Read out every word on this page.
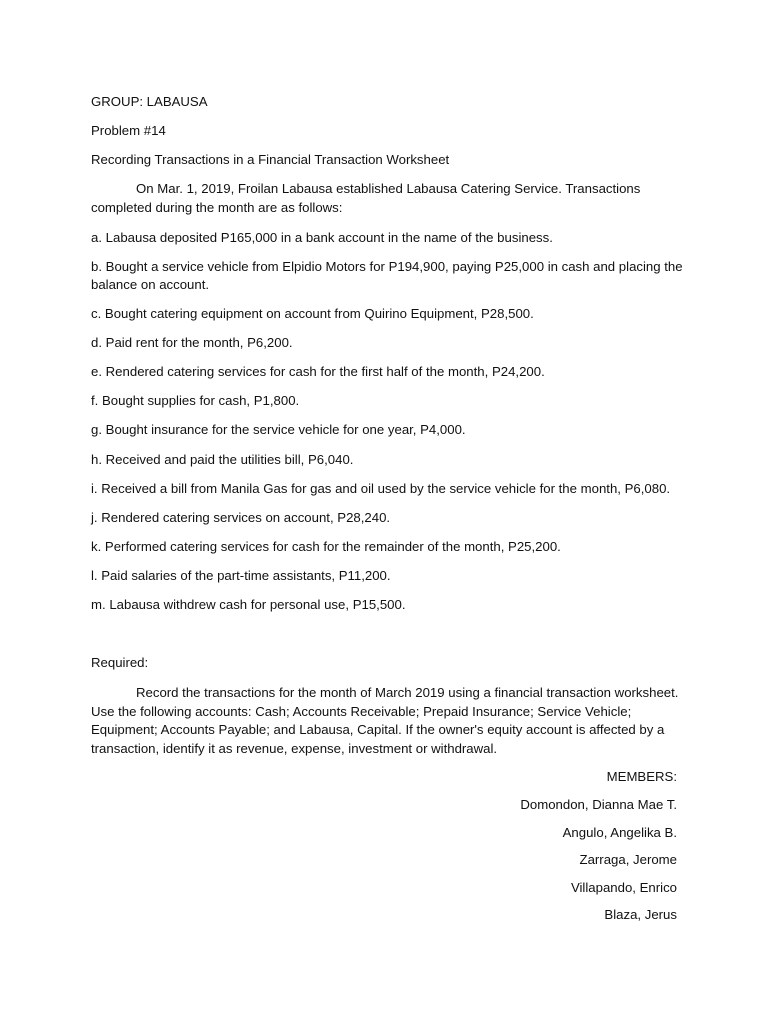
GROUP: LABAUSA
Problem #14
Recording Transactions in a Financial Transaction Worksheet
On Mar. 1, 2019, Froilan Labausa established Labausa Catering Service. Transactions completed during the month are as follows:
a. Labausa deposited P165,000 in a bank account in the name of the business.
b. Bought a service vehicle from Elpidio Motors for P194,900, paying P25,000 in cash and placing the
balance on account.
c. Bought catering equipment on account from Quirino Equipment, P28,500.
d. Paid rent for the month, P6,200.
e. Rendered catering services for cash for the first half of the month, P24,200.
f. Bought supplies for cash, P1,800.
g. Bought insurance for the service vehicle for one year, P4,000.
h. Received and paid the utilities bill, P6,040.
i. Received a bill from Manila Gas for gas and oil used by the service vehicle for the month, P6,080.
j. Rendered catering services on account, P28,240.
k. Performed catering services for cash for the remainder of the month, P25,200.
l. Paid salaries of the part-time assistants, P11,200.
m. Labausa withdrew cash for personal use, P15,500.
Required:
Record the transactions for the month of March 2019 using a financial transaction worksheet. Use the following accounts: Cash; Accounts Receivable; Prepaid Insurance; Service Vehicle; Equipment; Accounts Payable; and Labausa, Capital. If the owner's equity account is affected by a transaction, identify it as revenue, expense, investment or withdrawal.
MEMBERS:
Domondon, Dianna Mae T.
Angulo, Angelika B.
Zarraga, Jerome
Villapando, Enrico
Blaza, Jerus
